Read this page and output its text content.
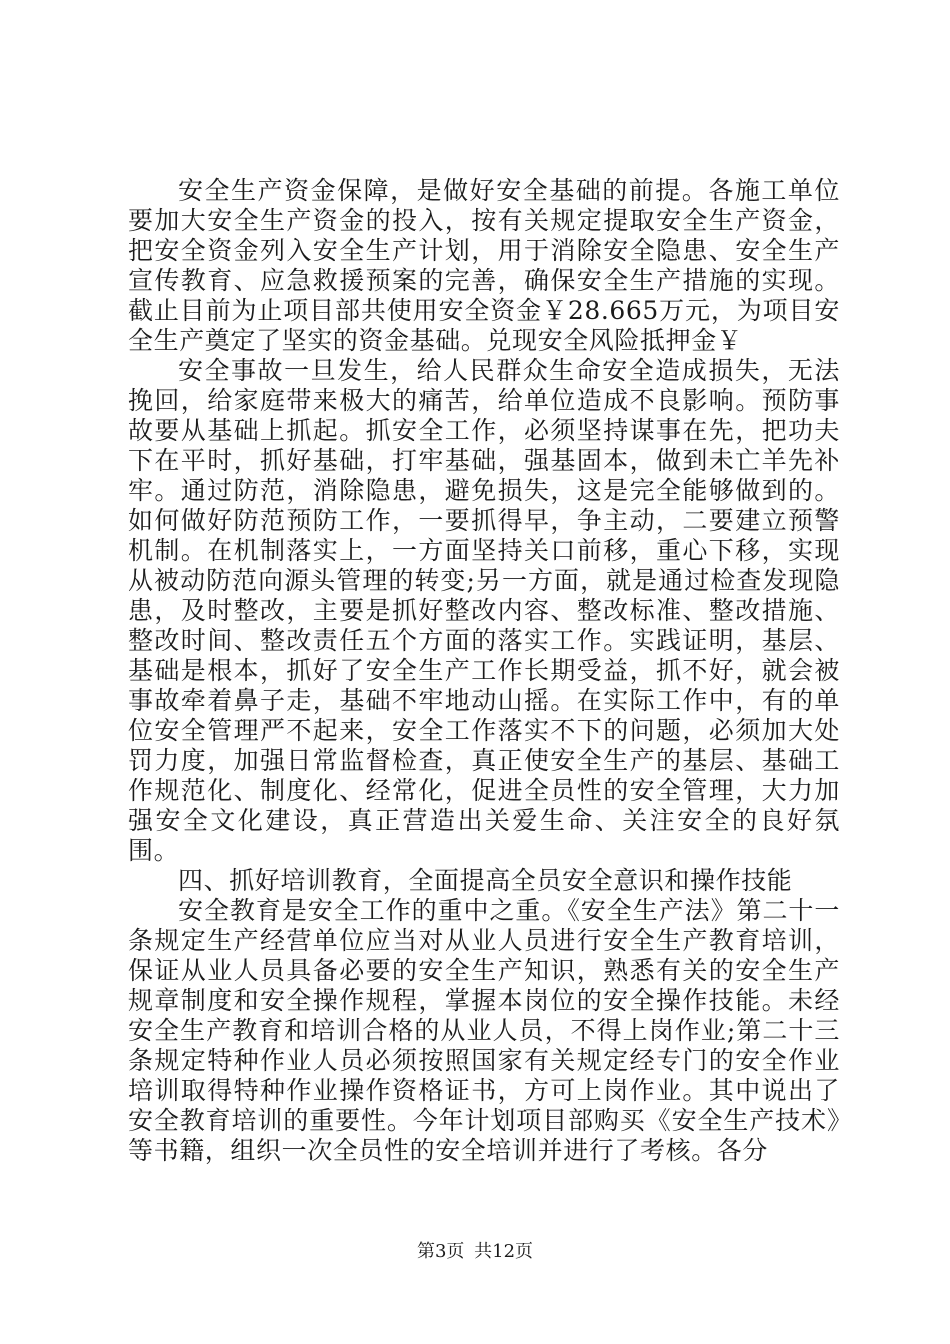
安全生产资金保障，是做好安全基础的前提。各施工单位要加大安全生产资金的投入，按有关规定提取安全生产资金，把安全资金列入安全生产计划，用于消除安全隐患、安全生产宣传教育、应急救援预案的完善，确保安全生产措施的实现。截止目前为止项目部共使用安全资金￥28.665万元，为项目安全生产奠定了坚实的资金基础。兑现安全风险抵押金￥

安全事故一旦发生，给人民群众生命安全造成损失，无法挽回，给家庭带来极大的痛苦，给单位造成不良影响。预防事故要从基础上抓起。抓安全工作，必须坚持谋事在先，把功夫下在平时，抓好基础，打牢基础，强基固本，做到未亡羊先补牢。通过防范，消除隐患，避免损失，这是完全能够做到的。如何做好防范预防工作，一要抓得早，争主动，二要建立预警机制。在机制落实上，一方面坚持关口前移，重心下移，实现从被动防范向源头管理的转变;另一方面，就是通过检查发现隐患，及时整改，主要是抓好整改内容、整改标准、整改措施、整改时间、整改责任五个方面的落实工作。实践证明，基层、基础是根本，抓好了安全生产工作长期受益，抓不好，就会被事故牵着鼻子走，基础不牢地动山摇。在实际工作中，有的单位安全管理严不起来，安全工作落实不下的问题，必须加大处罚力度，加强日常监督检查，真正使安全生产的基层、基础工作规范化、制度化、经常化，促进全员性的安全管理，大力加强安全文化建设，真正营造出关爱生命、关注安全的良好氛围。

四、抓好培训教育，全面提高全员安全意识和操作技能

安全教育是安全工作的重中之重。《安全生产法》第二十一条规定生产经营单位应当对从业人员进行安全生产教育培训，保证从业人员具备必要的安全生产知识，熟悉有关的安全生产规章制度和安全操作规程，掌握本岗位的安全操作技能。未经安全生产教育和培训合格的从业人员，不得上岗作业;第二十三条规定特种作业人员必须按照国家有关规定经专门的安全作业培训取得特种作业操作资格证书，方可上岗作业。其中说出了安全教育培训的重要性。今年计划项目部购买《安全生产技术》等书籍，组织一次全员性的安全培训并进行了考核。各分

第3页 共12页
